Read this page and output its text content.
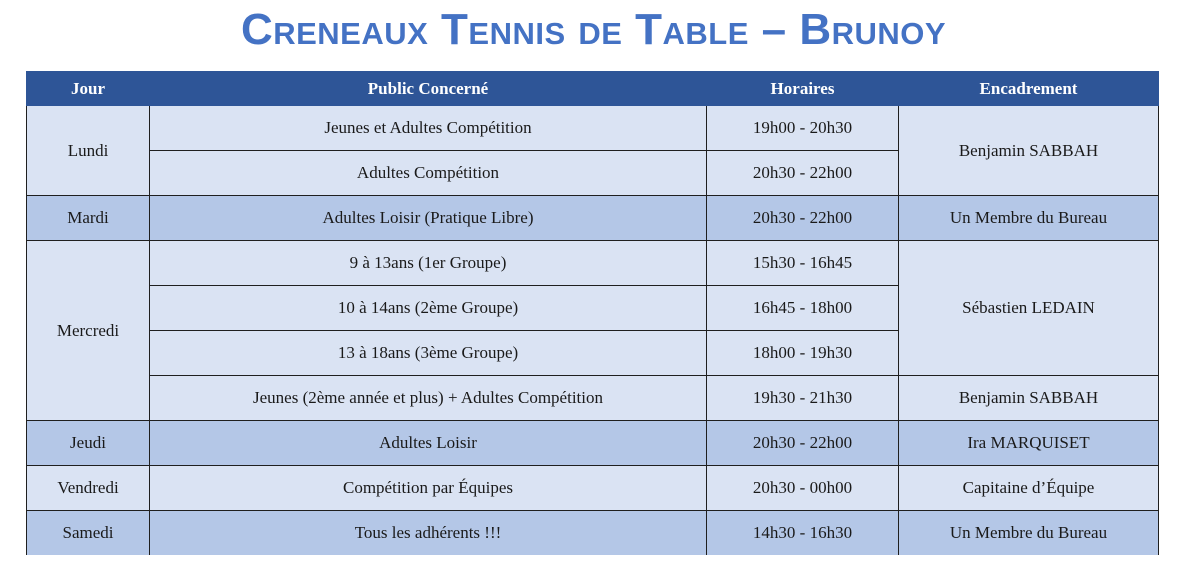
Creneaux Tennis de Table – Brunoy
Jour	Public Concerné	Horaires	Encadrement
Lundi	Jeunes et Adultes Compétition	19h00 - 20h30	Benjamin SABBAH
	Adultes Compétition	20h30 - 22h00	
Mardi	Adultes Loisir (Pratique Libre)	20h30 - 22h00	Un Membre du Bureau
Mercredi	9 à 13ans (1er Groupe)	15h30 - 16h45	Sébastien LEDAIN
	10 à 14ans (2ème Groupe)	16h45 - 18h00	
	13 à 18ans (3ème Groupe)	18h00 - 19h30	
	Jeunes (2ème année et plus) + Adultes Compétition	19h30 - 21h30	Benjamin SABBAH
Jeudi	Adultes Loisir	20h30 - 22h00	Ira MARQUISET
Vendredi	Compétition par Équipes	20h30 - 00h00	Capitaine d’Équipe
Samedi	Tous les adhérents !!!	14h30 - 16h30	Un Membre du Bureau
